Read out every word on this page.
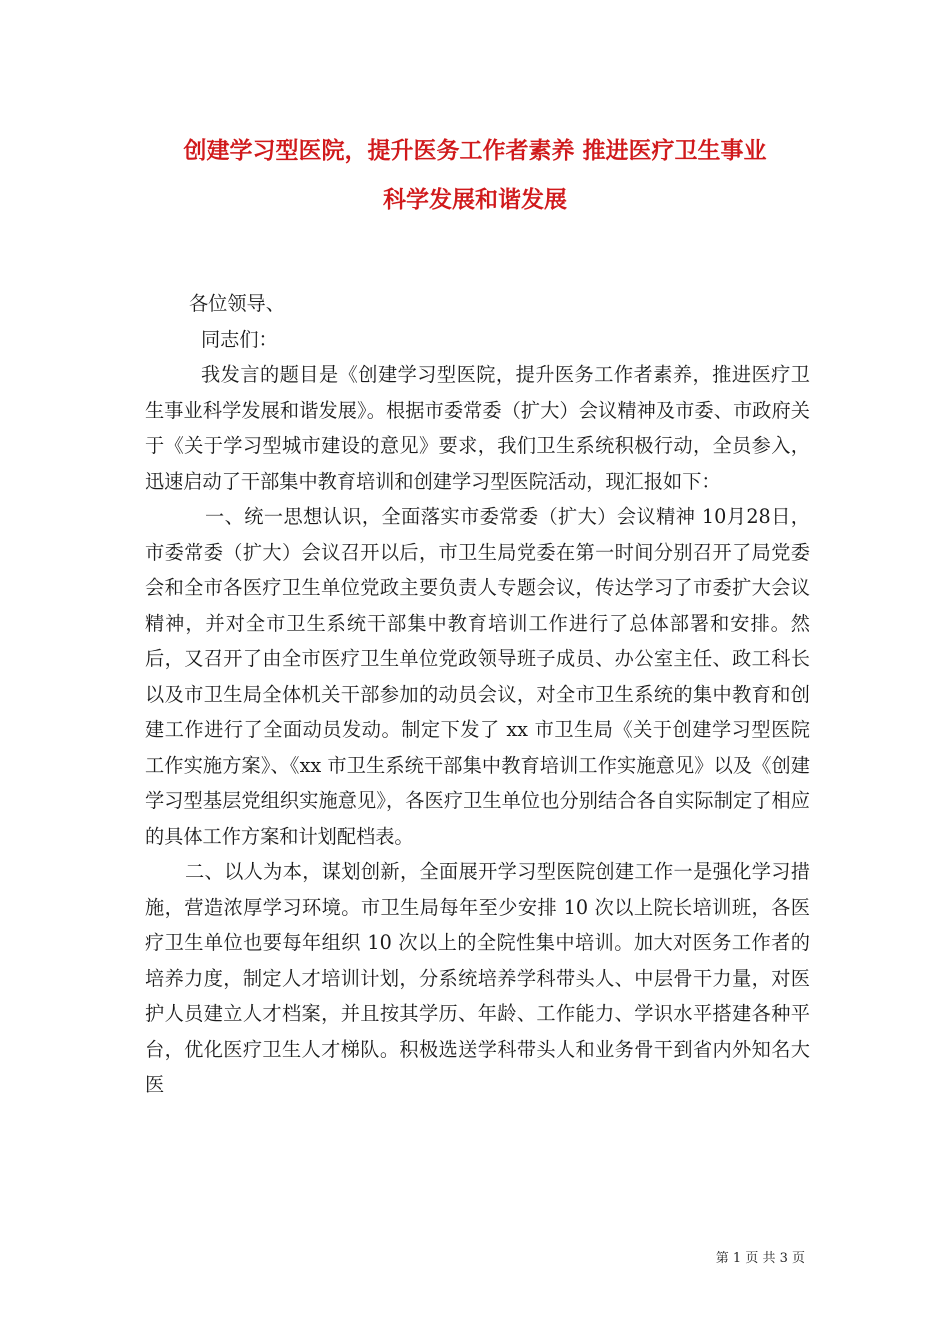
创建学习型医院，提升医务工作者素养 推进医疗卫生事业
科学发展和谐发展

各位领导、

同志们：

我发言的题目是《创建学习型医院，提升医务工作者素养，推进医疗卫生事业科学发展和谐发展》。根据市委常委（扩大）会议精神及市委、市政府关于《关于学习型城市建设的意见》要求，我们卫生系统积极行动，全员参入，迅速启动了干部集中教育培训和创建学习型医院活动，现汇报如下：

一、统一思想认识，全面落实市委常委（扩大）会议精神 10月28日，市委常委（扩大）会议召开以后，市卫生局党委在第一时间分别召开了局党委会和全市各医疗卫生单位党政主要负责人专题会议，传达学习了市委扩大会议精神，并对全市卫生系统干部集中教育培训工作进行了总体部署和安排。然后，又召开了由全市医疗卫生单位党政领导班子成员、办公室主任、政工科长以及市卫生局全体机关干部参加的动员会议，对全市卫生系统的集中教育和创建工作进行了全面动员发动。制定下发了 xx 市卫生局《关于创建学习型医院工作实施方案》、《xx 市卫生系统干部集中教育培训工作实施意见》以及《创建学习型基层党组织实施意见》，各医疗卫生单位也分别结合各自实际制定了相应的具体工作方案和计划配档表。

二、以人为本，谋划创新，全面展开学习型医院创建工作一是强化学习措施，营造浓厚学习环境。市卫生局每年至少安排 10 次以上院长培训班，各医疗卫生单位也要每年组织 10 次以上的全院性集中培训。加大对医务工作者的培养力度，制定人才培训计划，分系统培养学科带头人、中层骨干力量，对医护人员建立人才档案，并且按其学历、年龄、工作能力、学识水平搭建各种平台，优化医疗卫生人才梯队。积极选送学科带头人和业务骨干到省内外知名大医

第 1 页 共 3 页
